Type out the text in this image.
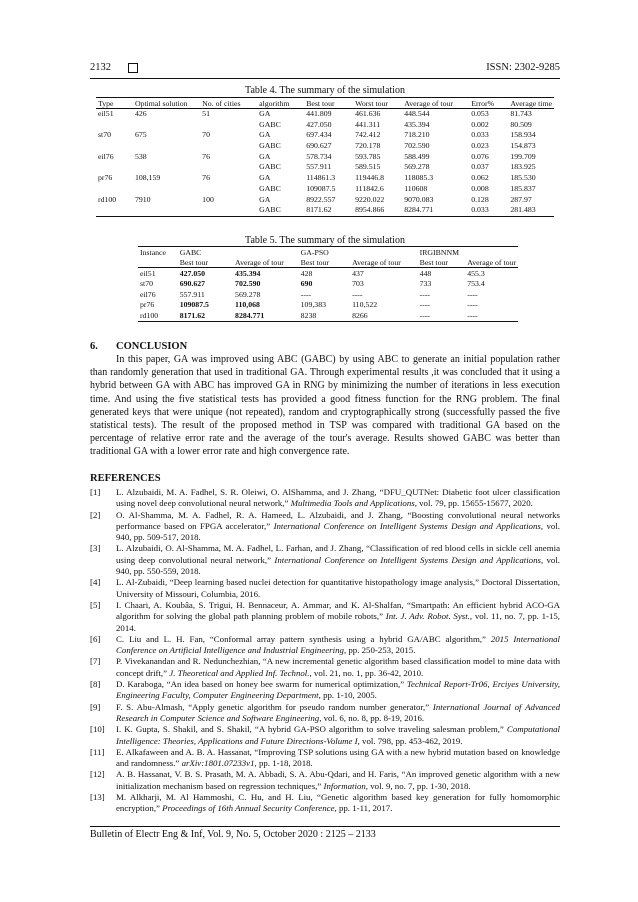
2132	ISSN: 2302-9285
Table 4. The summary of the simulation
Type	Optimal solution	No. of cities	algorithm	Best tour	Worst tour	Average of tour	Error%	Average time
eil51	426	51	GA	441.809	461.636	448.544	0.053	81.743
			GABC	427.050	441.311	435.394	0.002	80.509
st70	675	70	GA	697.434	742.412	718.210	0.033	158.934
			GABC	690.627	720.178	702.590	0.023	154.873
eil76	538	76	GA	578.734	593.785	588.499	0.076	199.709
			GABC	557.911	589.515	569.278	0.037	183.925
pr76	108,159	76	GA	114861.3	119446.8	118085.3	0.062	185.530
			GABC	109087.5	111842.6	110608	0.008	185.837
rd100	7910	100	GA	8922.557	9220.022	9070.083	0.128	287.97
			GABC	8171.62	8954.866	8284.771	0.033	281.483
Table 5. The summary of the simulation
Instance	GABC		GA-PSO		IRGIBNNM	
	Best tour	Average of tour	Best tour	Average of tour	Best tour	Average of tour
eil51	427.050	435.394	428	437	448	455.3
st70	690.627	702.590	690	703	733	753.4
eil76	557.911	569.278	----	----	----	----
pr76	109087.5	110,068	109,383	110,522	----	----
rd100	8171.62	8284.771	8238	8266	----	----
6. CONCLUSION

In this paper, GA was improved using ABC (GABC) by using ABC to generate an initial population rather than randomly generation that used in traditional GA. Through experimental results ,it was concluded that it using a hybrid between GA with ABC has improved GA in RNG by minimizing the number of iterations in less execution time. And using the five statistical tests has provided a good fitness function for the RNG problem. The final generated keys that were unique (not repeated), random and cryptographically strong (successfully passed the five statistical tests). The result of the proposed method in TSP was compared with traditional GA based on the percentage of relative error rate and the average of the tour's average. Results showed GABC was better than traditional GA with a lower error rate and high convergence rate.

REFERENCES
[1] L. Alzubaidi, M. A. Fadhel, S. R. Oleiwi, O. AlShamma, and J. Zhang, “DFU_QUTNet: Diabetic foot ulcer classification using novel deep convolutional neural network,” Multimedia Tools and Applications, vol. 79, pp. 15655-15677, 2020.
[2] O. Al-Shamma, M. A. Fadhel, R. A. Hameed, L. Alzubaidi, and J. Zhang, “Boosting convolutional neural networks performance based on FPGA accelerator,” International Conference on Intelligent Systems Design and Applications, vol. 940, pp. 509-517, 2018.
[3] L. Alzubaidi, O. Al-Shamma, M. A. Fadhel, L. Farhan, and J. Zhang, “Classification of red blood cells in sickle cell anemia using deep convolutional neural network,” International Conference on Intelligent Systems Design and Applications, vol. 940, pp. 550-559, 2018.
[4] L. Al-Zubaidi, “Deep learning based nuclei detection for quantitative histopathology image analysis,” Doctoral Dissertation, University of Missouri, Columbia, 2016.
[5] I. Chaari, A. Koubâa, S. Trigui, H. Bennaceur, A. Ammar, and K. Al-Shalfan, “Smartpath: An efficient hybrid ACO-GA algorithm for solving the global path planning problem of mobile robots,” Int. J. Adv. Robot. Syst., vol. 11, no. 7, pp. 1-15, 2014.
[6] C. Liu and L. H. Fan, “Conformal array pattern synthesis using a hybrid GA/ABC algorithm,” 2015 International Conference on Artificial Intelligence and Industrial Engineering, pp. 250-253, 2015.
[7] P. Vivekanandan and R. Nedunchezhian, “A new incremental genetic algorithm based classification model to mine data with concept drift,” J. Theoretical and Applied Inf. Technol., vol. 21, no. 1, pp. 36-42, 2010.
[8] D. Karaboga, “An idea based on honey bee swarm for numerical optimization,” Technical Report-Tr06, Erciyes University, Engineering Faculty, Computer Engineering Department, pp. 1-10, 2005.
[9] F. S. Abu-Almash, “Apply genetic algorithm for pseudo random number generator,” International Journal of Advanced Research in Computer Science and Software Engineering, vol. 6, no. 8, pp. 8-19, 2016.
[10] I. K. Gupta, S. Shakil, and S. Shakil, “A hybrid GA-PSO algorithm to solve traveling salesman problem,” Computational Intelligence: Theories, Applications and Future Directions-Volume I, vol. 798, pp. 453-462, 2019.
[11] E. Alkafaween and A. B. A. Hassanat, “Improving TSP solutions using GA with a new hybrid mutation based on knowledge and randomness.” arXiv:1801.07233v1, pp. 1-18, 2018.
[12] A. B. Hassanat, V. B. S. Prasath, M. A. Abbadi, S. A. Abu-Qdari, and H. Faris, “An improved genetic algorithm with a new initialization mechanism based on regression techniques,” Information, vol. 9, no. 7, pp. 1-30, 2018.
[13] M. Alkharji, M. Al Hammoshi, C. Hu, and H. Liu, “Genetic algorithm based key generation for fully homomorphic encryption,” Proceedings of 16th Annual Security Conference, pp. 1-11, 2017.
Bulletin of Electr Eng & Inf, Vol. 9, No. 5, October 2020 : 2125 – 2133
